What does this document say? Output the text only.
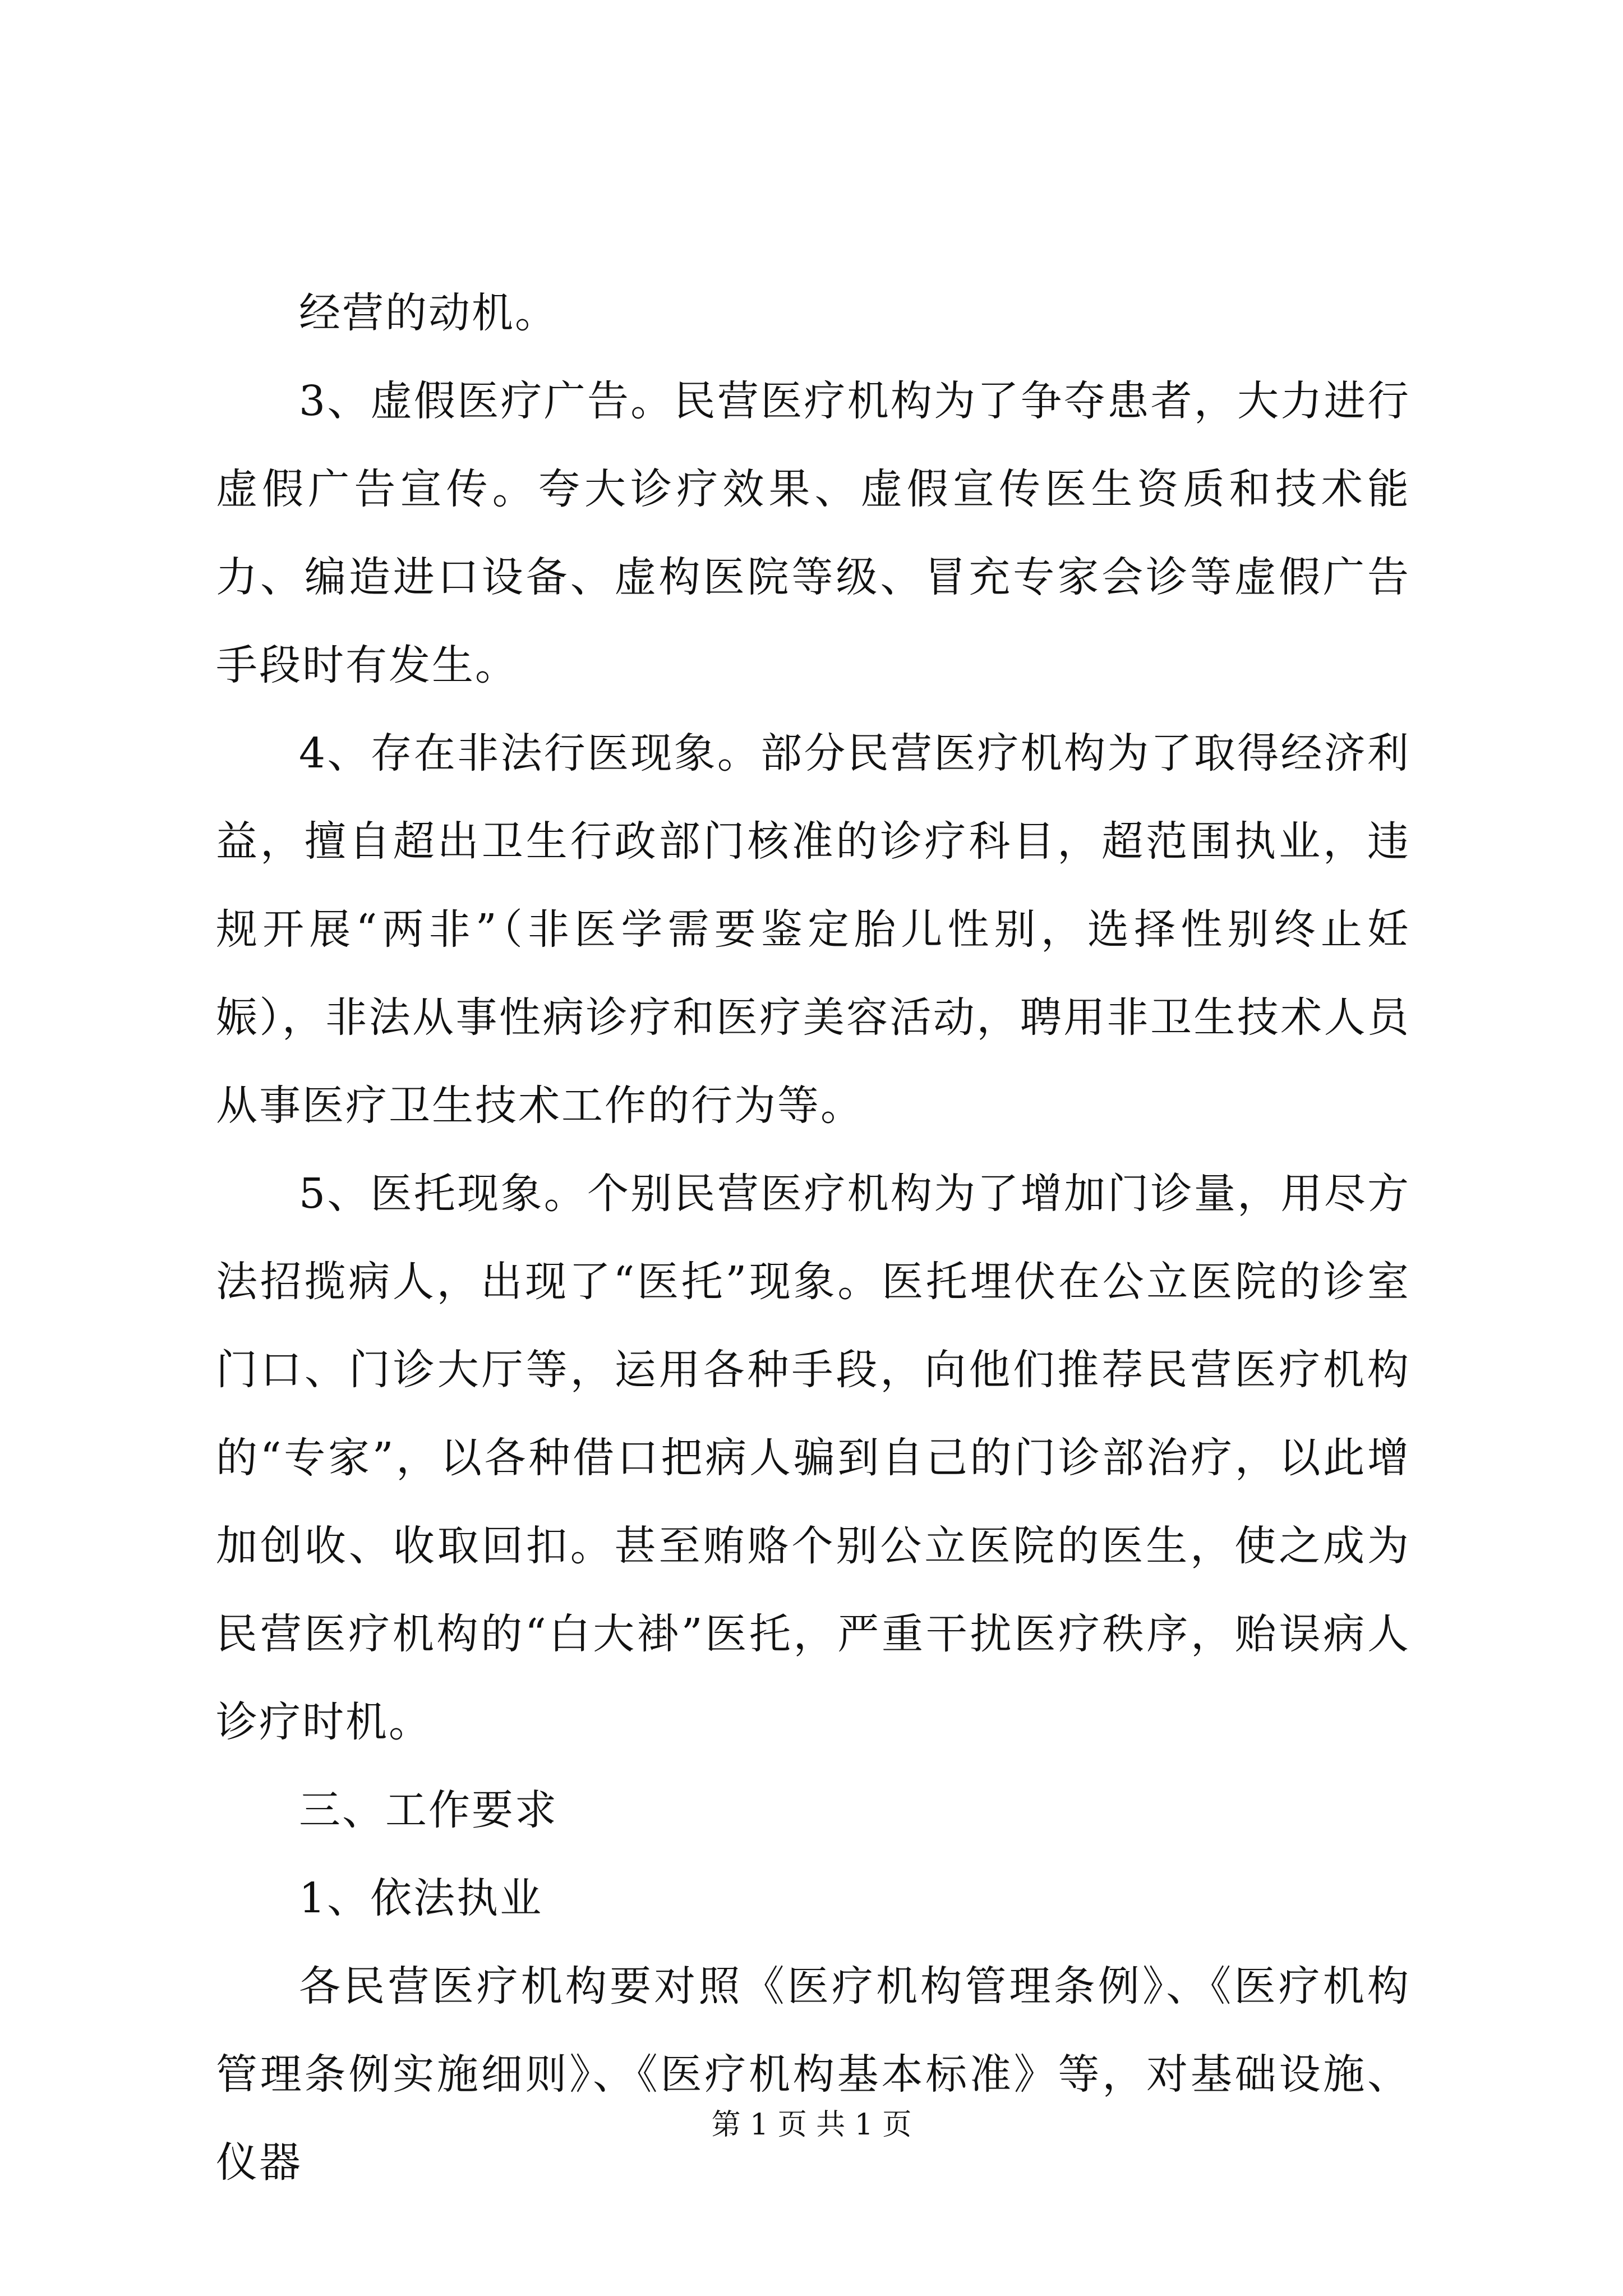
经营的动机。

3、虚假医疗广告。民营医疗机构为了争夺患者，大力进行虚假广告宣传。夸大诊疗效果、虚假宣传医生资质和技术能力、编造进口设备、虚构医院等级、冒充专家会诊等虚假广告手段时有发生。

4、存在非法行医现象。部分民营医疗机构为了取得经济利益，擅自超出卫生行政部门核准的诊疗科目，超范围执业，违规开展“两非”（非医学需要鉴定胎儿性别，选择性别终止妊娠），非法从事性病诊疗和医疗美容活动，聘用非卫生技术人员从事医疗卫生技术工作的行为等。

5、医托现象。个别民营医疗机构为了增加门诊量，用尽方法招揽病人，出现了“医托”现象。医托埋伏在公立医院的诊室门口、门诊大厅等，运用各种手段，向他们推荐民营医疗机构的“专家”，以各种借口把病人骗到自己的门诊部治疗，以此增加创收、收取回扣。甚至贿赂个别公立医院的医生，使之成为民营医疗机构的“白大褂”医托，严重干扰医疗秩序，贻误病人诊疗时机。

三、工作要求

1、依法执业

各民营医疗机构要对照《医疗机构管理条例》、《医疗机构管理条例实施细则》、《医疗机构基本标准》等，对基础设施、仪器

第 1 页 共 1 页
